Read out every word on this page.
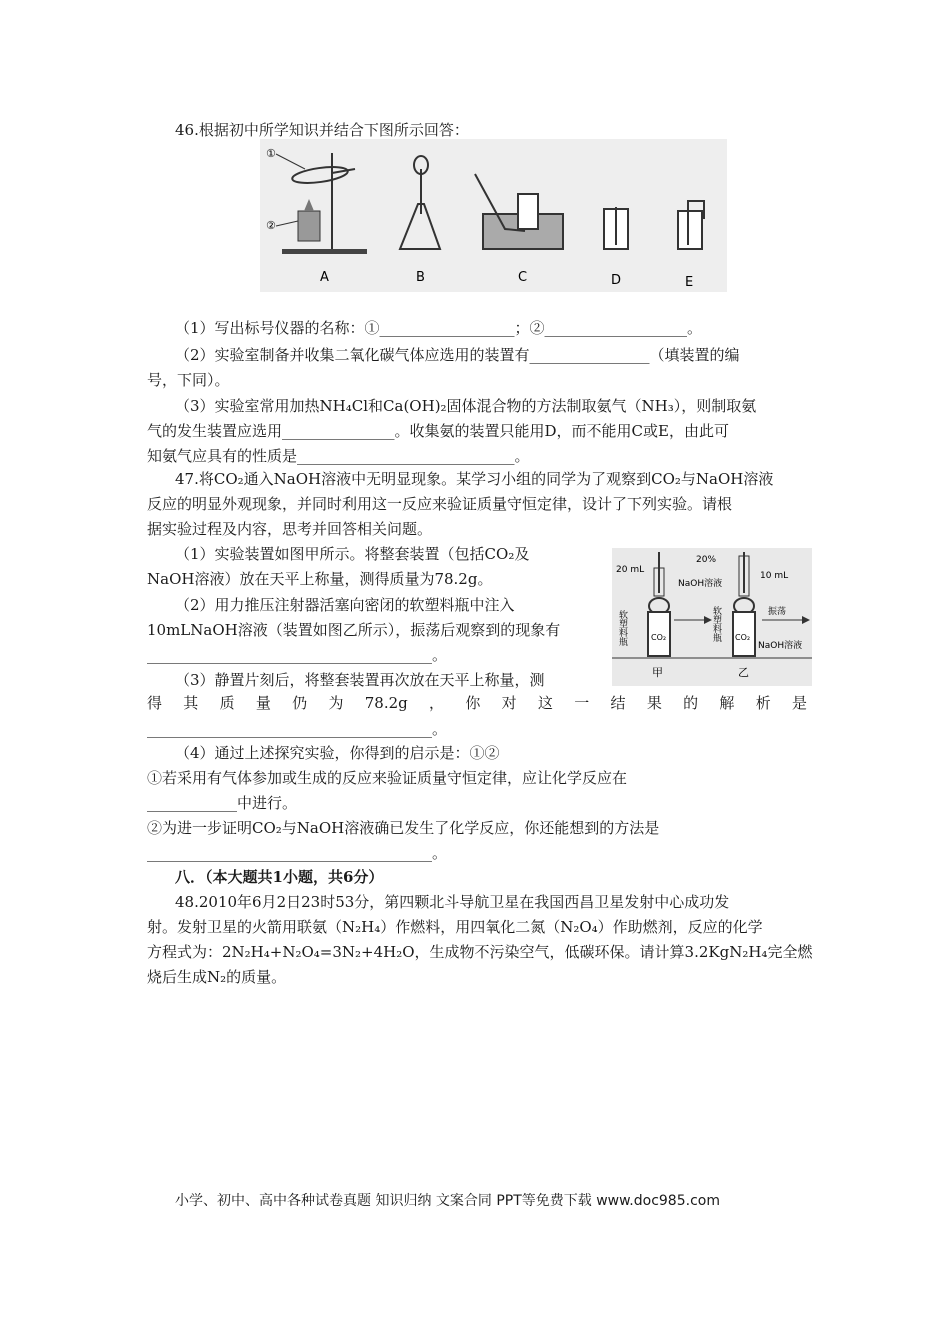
46.根据初中所学知识并结合下图所示回答：
①
②
A	B	C	D	E
（1）写出标号仪器的名称：①__________________；②___________________。
（2）实验室制备并收集二氧化碳气体应选用的装置有________________（填装置的编
号，下同）。
（3）实验室常用加热NH₄Cl和Ca(OH)₂固体混合物的方法制取氨气（NH₃），则制取氨
气的发生装置应选用_______________。收集氨的装置只能用D，而不能用C或E，由此可
知氨气应具有的性质是_____________________________。
47.将CO₂通入NaOH溶液中无明显现象。某学习小组的同学为了观察到CO₂与NaOH溶液
反应的明显外观现象，并同时利用这一反应来验证质量守恒定律，设计了下列实验。请根
据实验过程及内容，思考并回答相关问题。
（1）实验装置如图甲所示。将整套装置（包括CO₂及
NaOH溶液）放在天平上称量，测得质量为78.2g。
（2）用力推压注射器活塞向密闭的软塑料瓶中注入
10mLNaOH溶液（装置如图乙所示），振荡后观察到的现象有
______________________________________。
（3）静置片刻后，将整套装置再次放在天平上称量，测
得其质量仍为78.2g，你对这一结果的解析是
______________________________________。
（4）通过上述探究实验，你得到的启示是：①②
①若采用有气体参加或生成的反应来验证质量守恒定律，应让化学反应在
____________中进行。
②为进一步证明CO₂与NaOH溶液确已发生了化学反应，你还能想到的方法是
______________________________________。
20 mL
软塑料瓶	CO₂
甲
20%
NaOH溶液
10 mL
软塑料瓶 CO₂
NaOH溶液
振荡
乙
八．（本大题共1小题，共6分）
48.2010年6月2日23时53分，第四颗北斗导航卫星在我国西昌卫星发射中心成功发
射。发射卫星的火箭用联氨（N₂H₄）作燃料，用四氧化二氮（N₂O₄）作助燃剂，反应的化学
方程式为：2N₂H₄+N₂O₄=3N₂+4H₂O，生成物不污染空气，低碳环保。请计算3.2KgN₂H₄完全燃
烧后生成N₂的质量。
小学、初中、高中各种试卷真题 知识归纳 文案合同 PPT等免费下载 www.doc985.com
